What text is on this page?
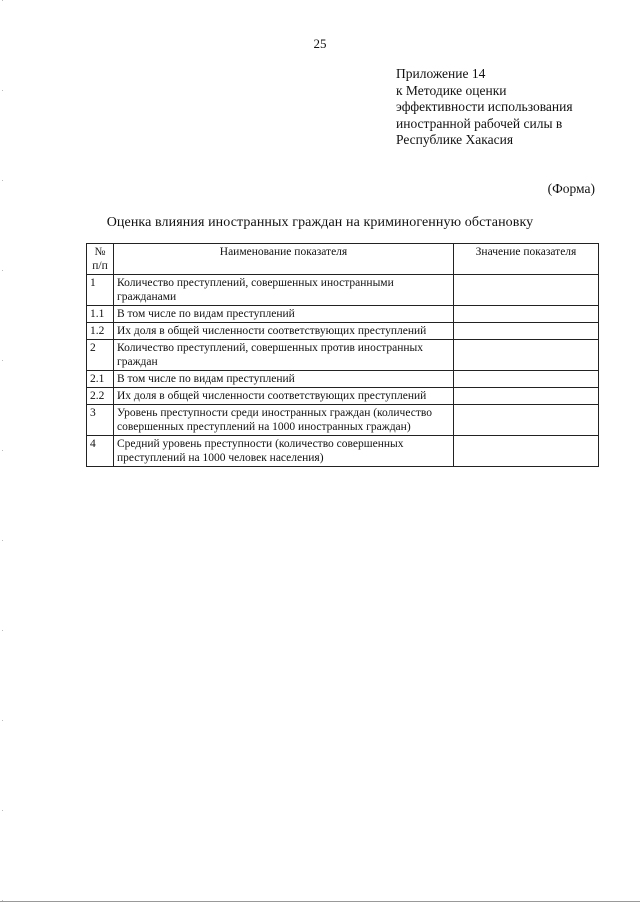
25
Приложение 14
к Методике оценки
эффективности использования
иностранной рабочей силы в
Республике Хакасия
(Форма)
Оценка влияния иностранных граждан на криминогенную обстановку
№ п/п	Наименование показателя	Значение показателя
1	Количество преступлений, совершенных иностранными гражданами	
1.1	В том числе по видам преступлений	
1.2	Их доля в общей численности соответствующих преступлений	
2	Количество преступлений, совершенных против иностранных граждан	
2.1	В том числе по видам преступлений	
2.2	Их доля в общей численности соответствующих преступлений	
3	Уровень преступности среди иностранных граждан (количество совершенных преступлений на 1000 иностранных граждан)	
4	Средний уровень преступности (количество совершенных преступлений на 1000 человек населения)	
